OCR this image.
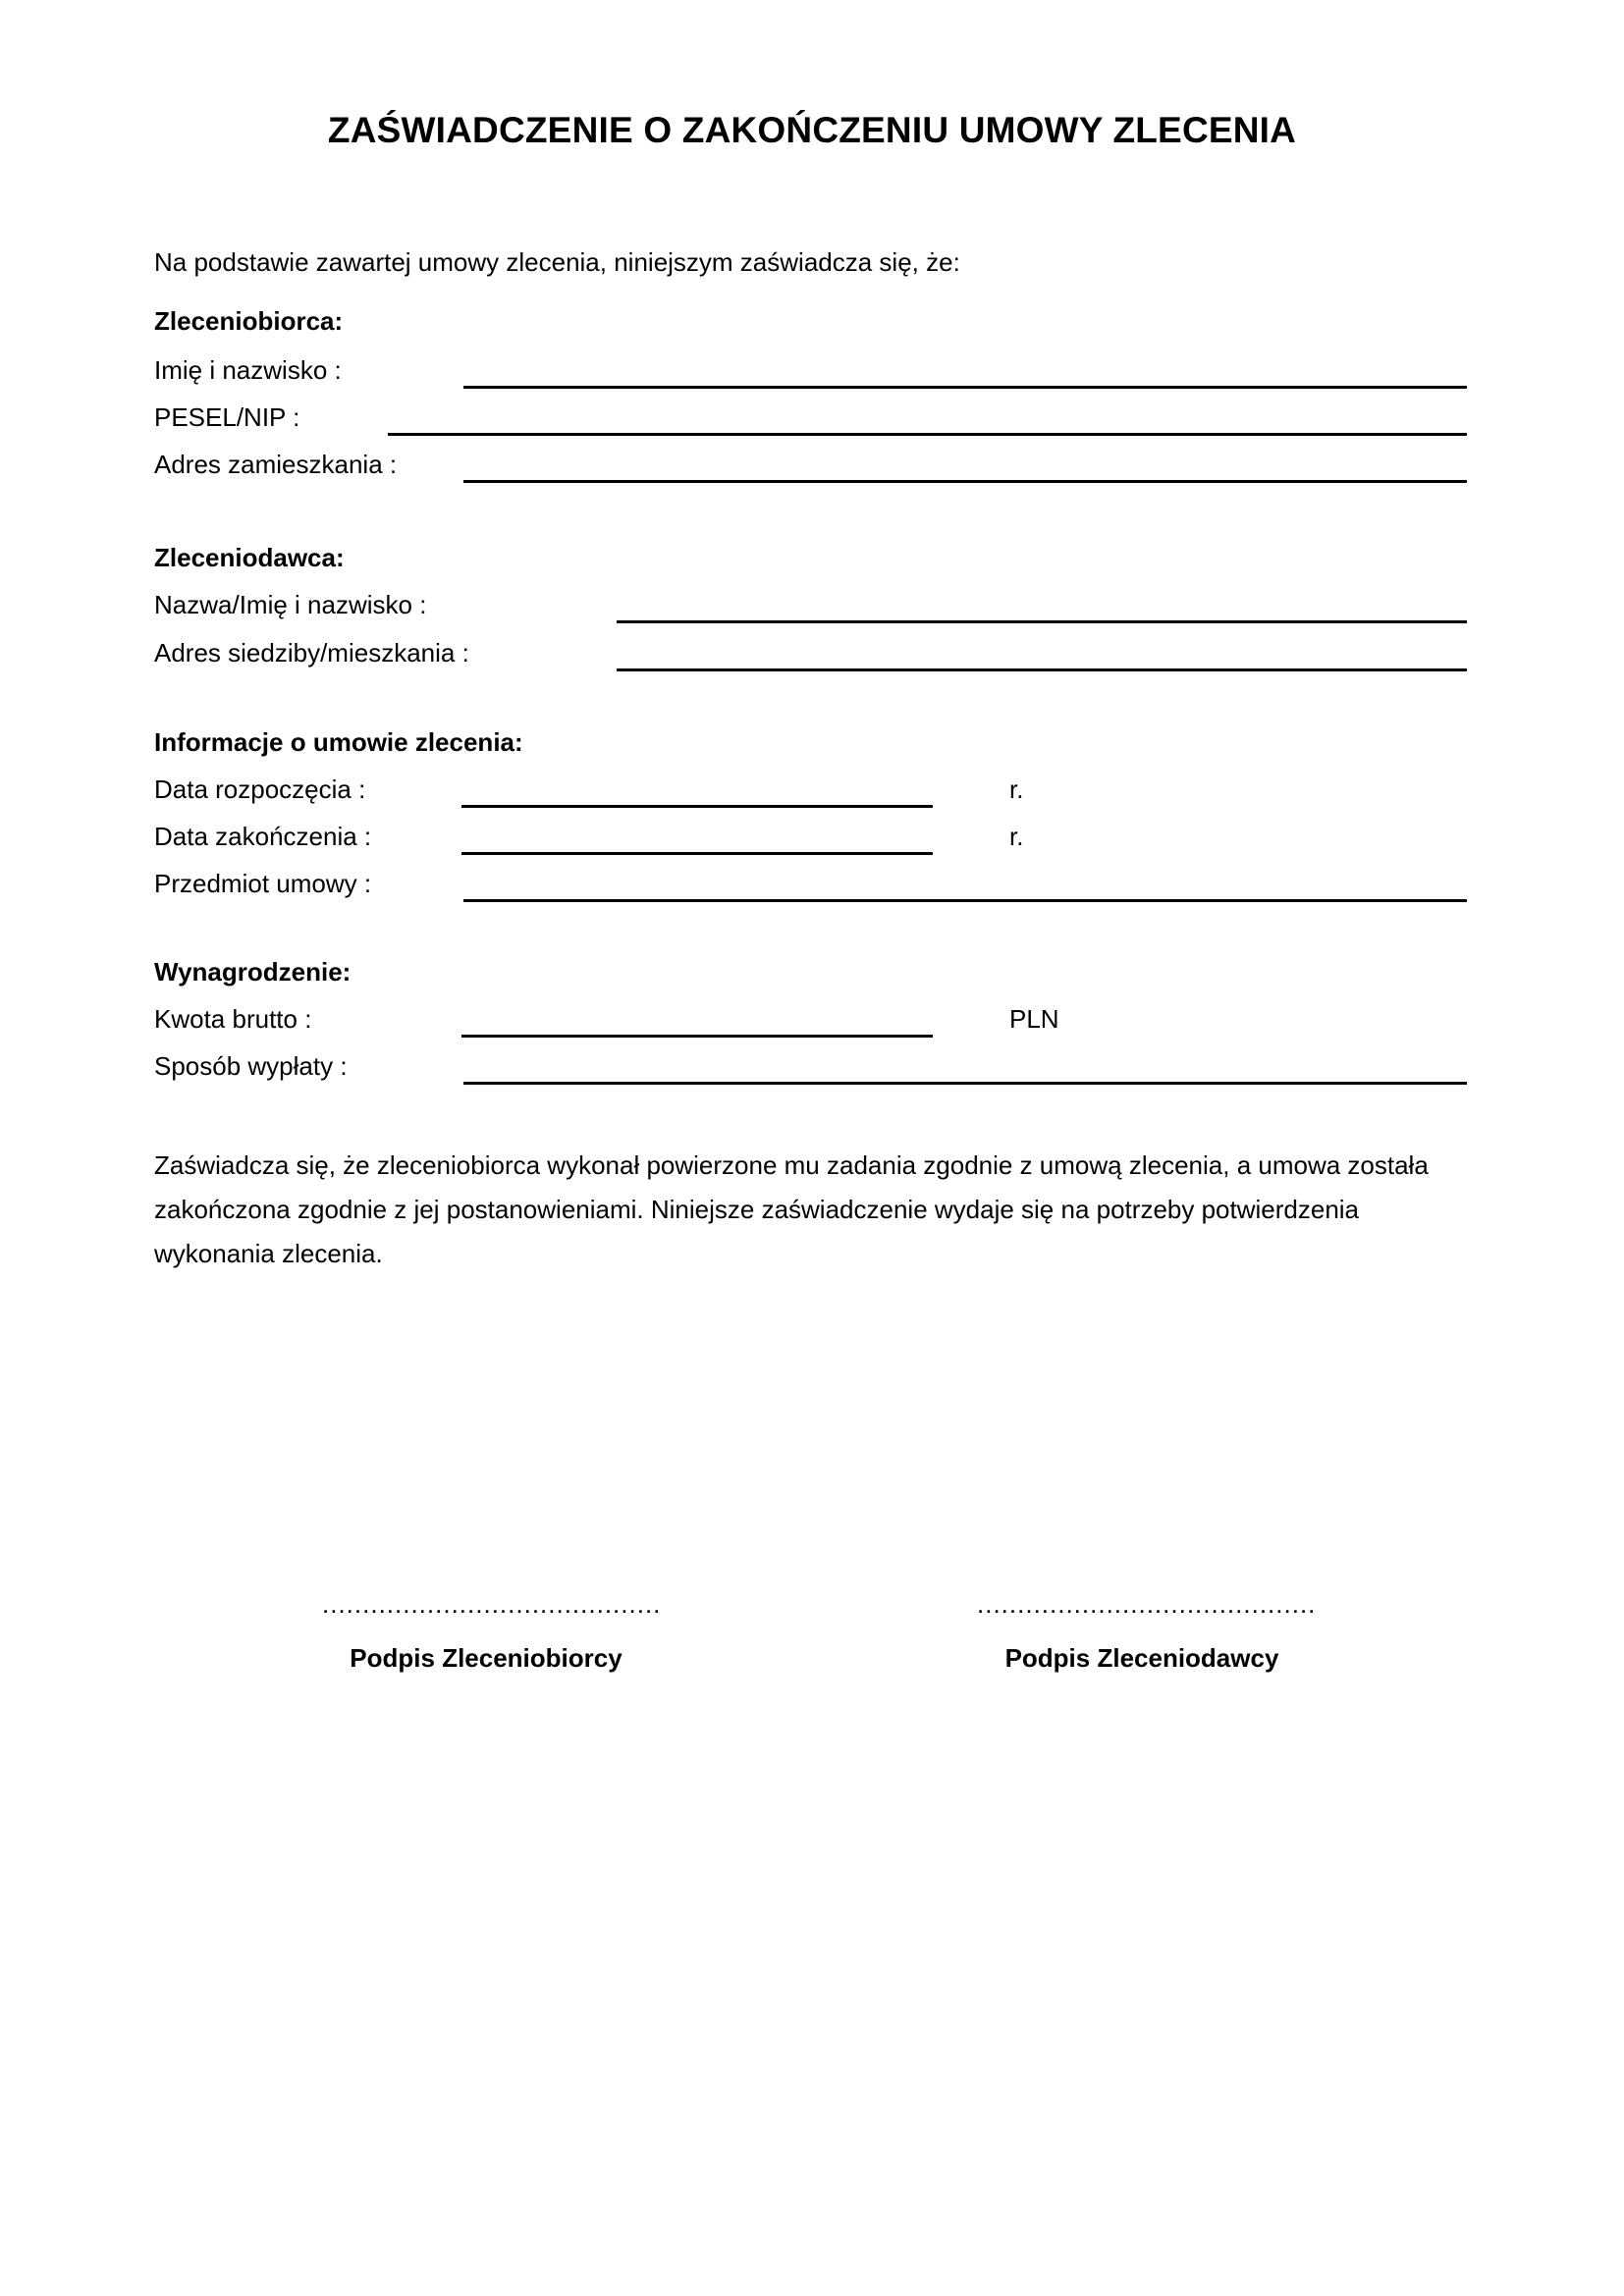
ZAŚWIADCZENIE O ZAKOŃCZENIU UMOWY ZLECENIA
Na podstawie zawartej umowy zlecenia, niniejszym zaświadcza się, że:
Zleceniobiorca:
Imię i nazwisko :
PESEL/NIP :
Adres zamieszkania :
Zleceniodawca:
Nazwa/Imię i nazwisko :
Adres siedziby/mieszkania :
Informacje o umowie zlecenia:
Data rozpoczęcia :	r.
Data zakończenia :	r.
Przedmiot umowy :
Wynagrodzenie:
Kwota brutto :	PLN
Sposób wypłaty :
Zaświadcza się, że zleceniobiorca wykonał powierzone mu zadania zgodnie z umową zlecenia, a umowa została zakończona zgodnie z jej postanowieniami. Niniejsze zaświadczenie wydaje się na potrzeby potwierdzenia wykonania zlecenia.
..........................................
Podpis Zleceniobiorcy
..........................................
Podpis Zleceniodawcy
